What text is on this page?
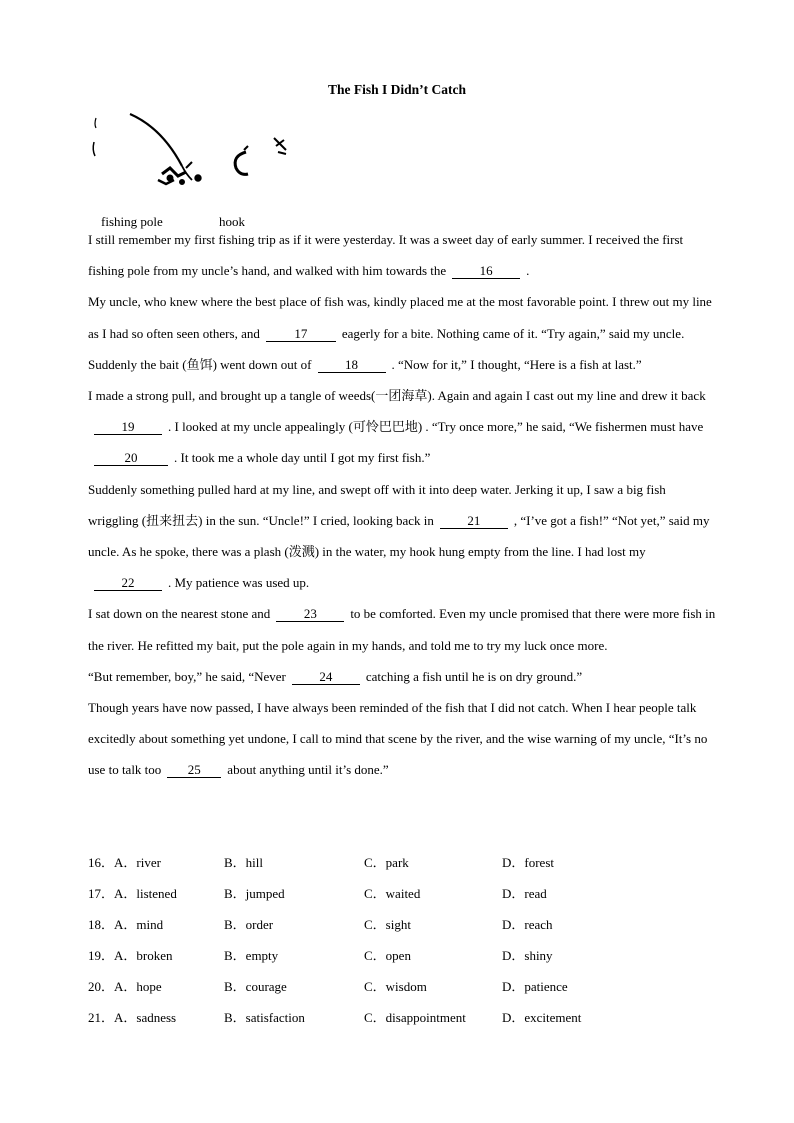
The Fish I Didn’t Catch

fishing pole	hook

I still remember my first fishing trip as if it were yesterday. It was a sweet day of early summer. I received the first fishing pole from my uncle’s hand, and walked with him towards the	16	.

My uncle, who knew where the best place of fish was, kindly placed me at the most favorable point. I threw out my line as I had so often seen others, and	17	eagerly for a bite. Nothing came of it. “Try again,” said my uncle. Suddenly the bait (鱼饵) went down out of	18	. “Now for it,” I thought, “Here is a fish at last.”

I made a strong pull, and brought up a tangle of weeds(一团海草). Again and again I cast out my line and drew it back19	. I looked at my uncle appealingly (可怜巴巴地) . “Try once more,” he said, “We fishermen must have20	. It took me a whole day until I got my first fish.”

Suddenly something pulled hard at my line, and swept off with it into deep water. Jerking it up, I saw a big fish wriggling (扭来扭去) in the sun. “Uncle!” I cried, looking back in	21	, “I’ve got a fish!” “Not yet,” said my uncle. As he spoke, there was a plash (泼溅) in the water, my hook hung empty from the line. I had lost my22	. My patience was used up.

I sat down on the nearest stone and	23	to be comforted. Even my uncle promised that there were more fish in the river. He refitted my bait, put the pole again in my hands, and told me to try my luck once more.

“But remember, boy,” he said, “Never	24	catching a fish until he is on dry ground.”

Though years have now passed, I have always been reminded of the fish that I did not catch. When I hear people talk excitedly about something yet undone, I call to mind that scene by the river, and the wise warning of my uncle, “It’s no use to talk too 25 about anything until it’s done.”

16．A．river	B．hill	C．park	D．forest
17．A．listened	B．jumped	C．waited	D．read
18．A．mind	B．order	C．sight	D．reach
19．A．broken	B．empty	C．open	D．shiny
20．A．hope	B．courage	C．wisdom	D．patience
21．A．sadness	B．satisfaction	C．disappointment	D．excitement
